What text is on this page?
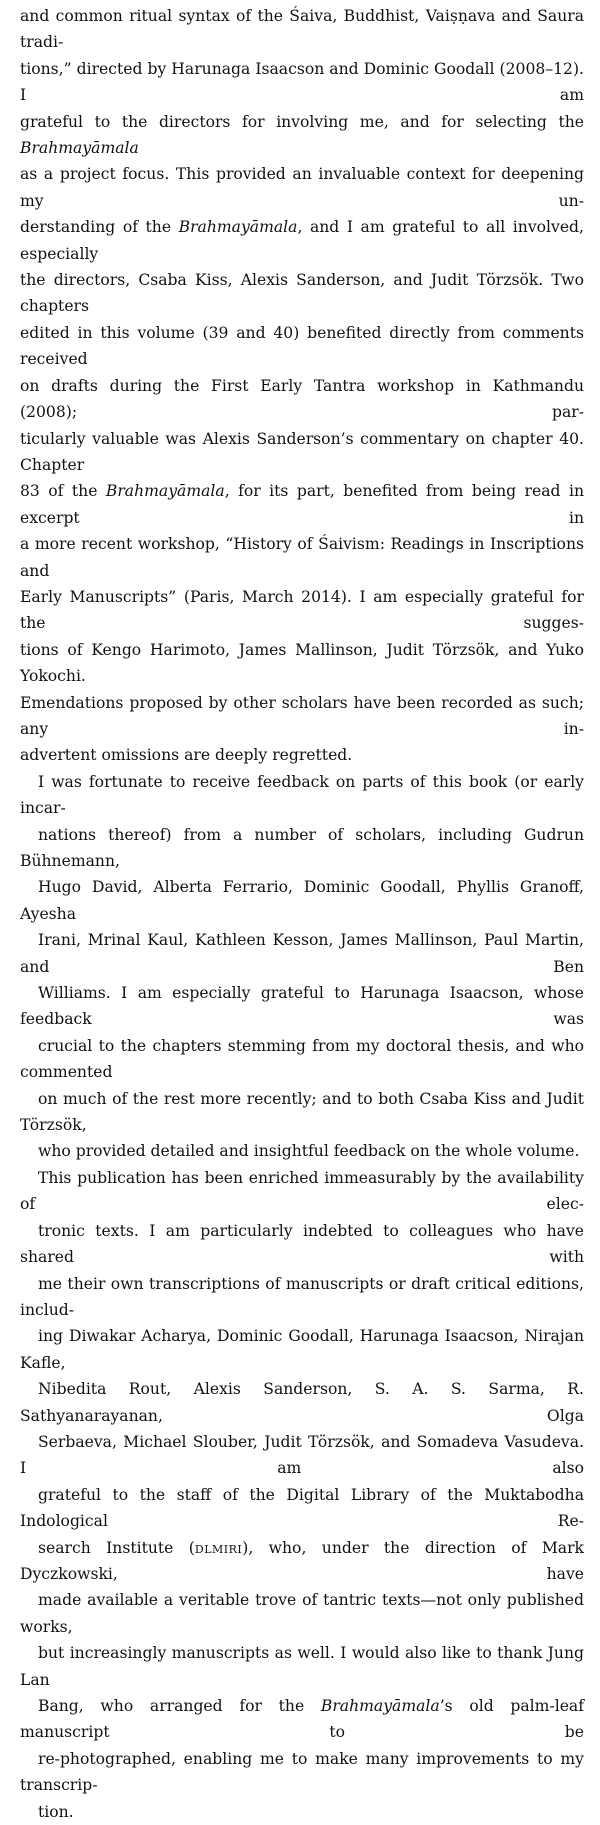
and common ritual syntax of the Śaiva, Buddhist, Vaiṣṇava and Saura tradi-
tions,” directed by Harunaga Isaacson and Dominic Goodall (2008–12). I am
grateful to the directors for involving me, and for selecting the Brahmayāmala
as a project focus. This provided an invaluable context for deepening my un-
derstanding of the Brahmayāmala, and I am grateful to all involved, especially
the directors, Csaba Kiss, Alexis Sanderson, and Judit Törzsök. Two chapters
edited in this volume (39 and 40) benefited directly from comments received
on drafts during the First Early Tantra workshop in Kathmandu (2008); par-
ticularly valuable was Alexis Sanderson’s commentary on chapter 40. Chapter
83 of the Brahmayāmala, for its part, benefited from being read in excerpt in
a more recent workshop, “History of Śaivism: Readings in Inscriptions and
Early Manuscripts” (Paris, March 2014). I am especially grateful for the sugges-
tions of Kengo Harimoto, James Mallinson, Judit Törzsök, and Yuko Yokochi.
Emendations proposed by other scholars have been recorded as such; any in-
advertent omissions are deeply regretted.
I was fortunate to receive feedback on parts of this book (or early incar-
nations thereof) from a number of scholars, including Gudrun Bühnemann,
Hugo David, Alberta Ferrario, Dominic Goodall, Phyllis Granoff, Ayesha
Irani, Mrinal Kaul, Kathleen Kesson, James Mallinson, Paul Martin, and Ben
Williams. I am especially grateful to Harunaga Isaacson, whose feedback was
crucial to the chapters stemming from my doctoral thesis, and who commented
on much of the rest more recently; and to both Csaba Kiss and Judit Törzsök,
who provided detailed and insightful feedback on the whole volume.
This publication has been enriched immeasurably by the availability of elec-
tronic texts. I am particularly indebted to colleagues who have shared with
me their own transcriptions of manuscripts or draft critical editions, includ-
ing Diwakar Acharya, Dominic Goodall, Harunaga Isaacson, Nirajan Kafle,
Nibedita Rout, Alexis Sanderson, S. A. S. Sarma, R. Sathyanarayanan, Olga
Serbaeva, Michael Slouber, Judit Törzsök, and Somadeva Vasudeva. I am also
grateful to the staff of the Digital Library of the Muktabodha Indological Re-
search Institute (dlmiri), who, under the direction of Mark Dyczkowski, have
made available a veritable trove of tantric texts—not only published works,
but increasingly manuscripts as well. I would also like to thank Jung Lan
Bang, who arranged for the Brahmayāmala’s old palm-leaf manuscript to be
re-photographed, enabling me to make many improvements to my transcrip-
tion.
